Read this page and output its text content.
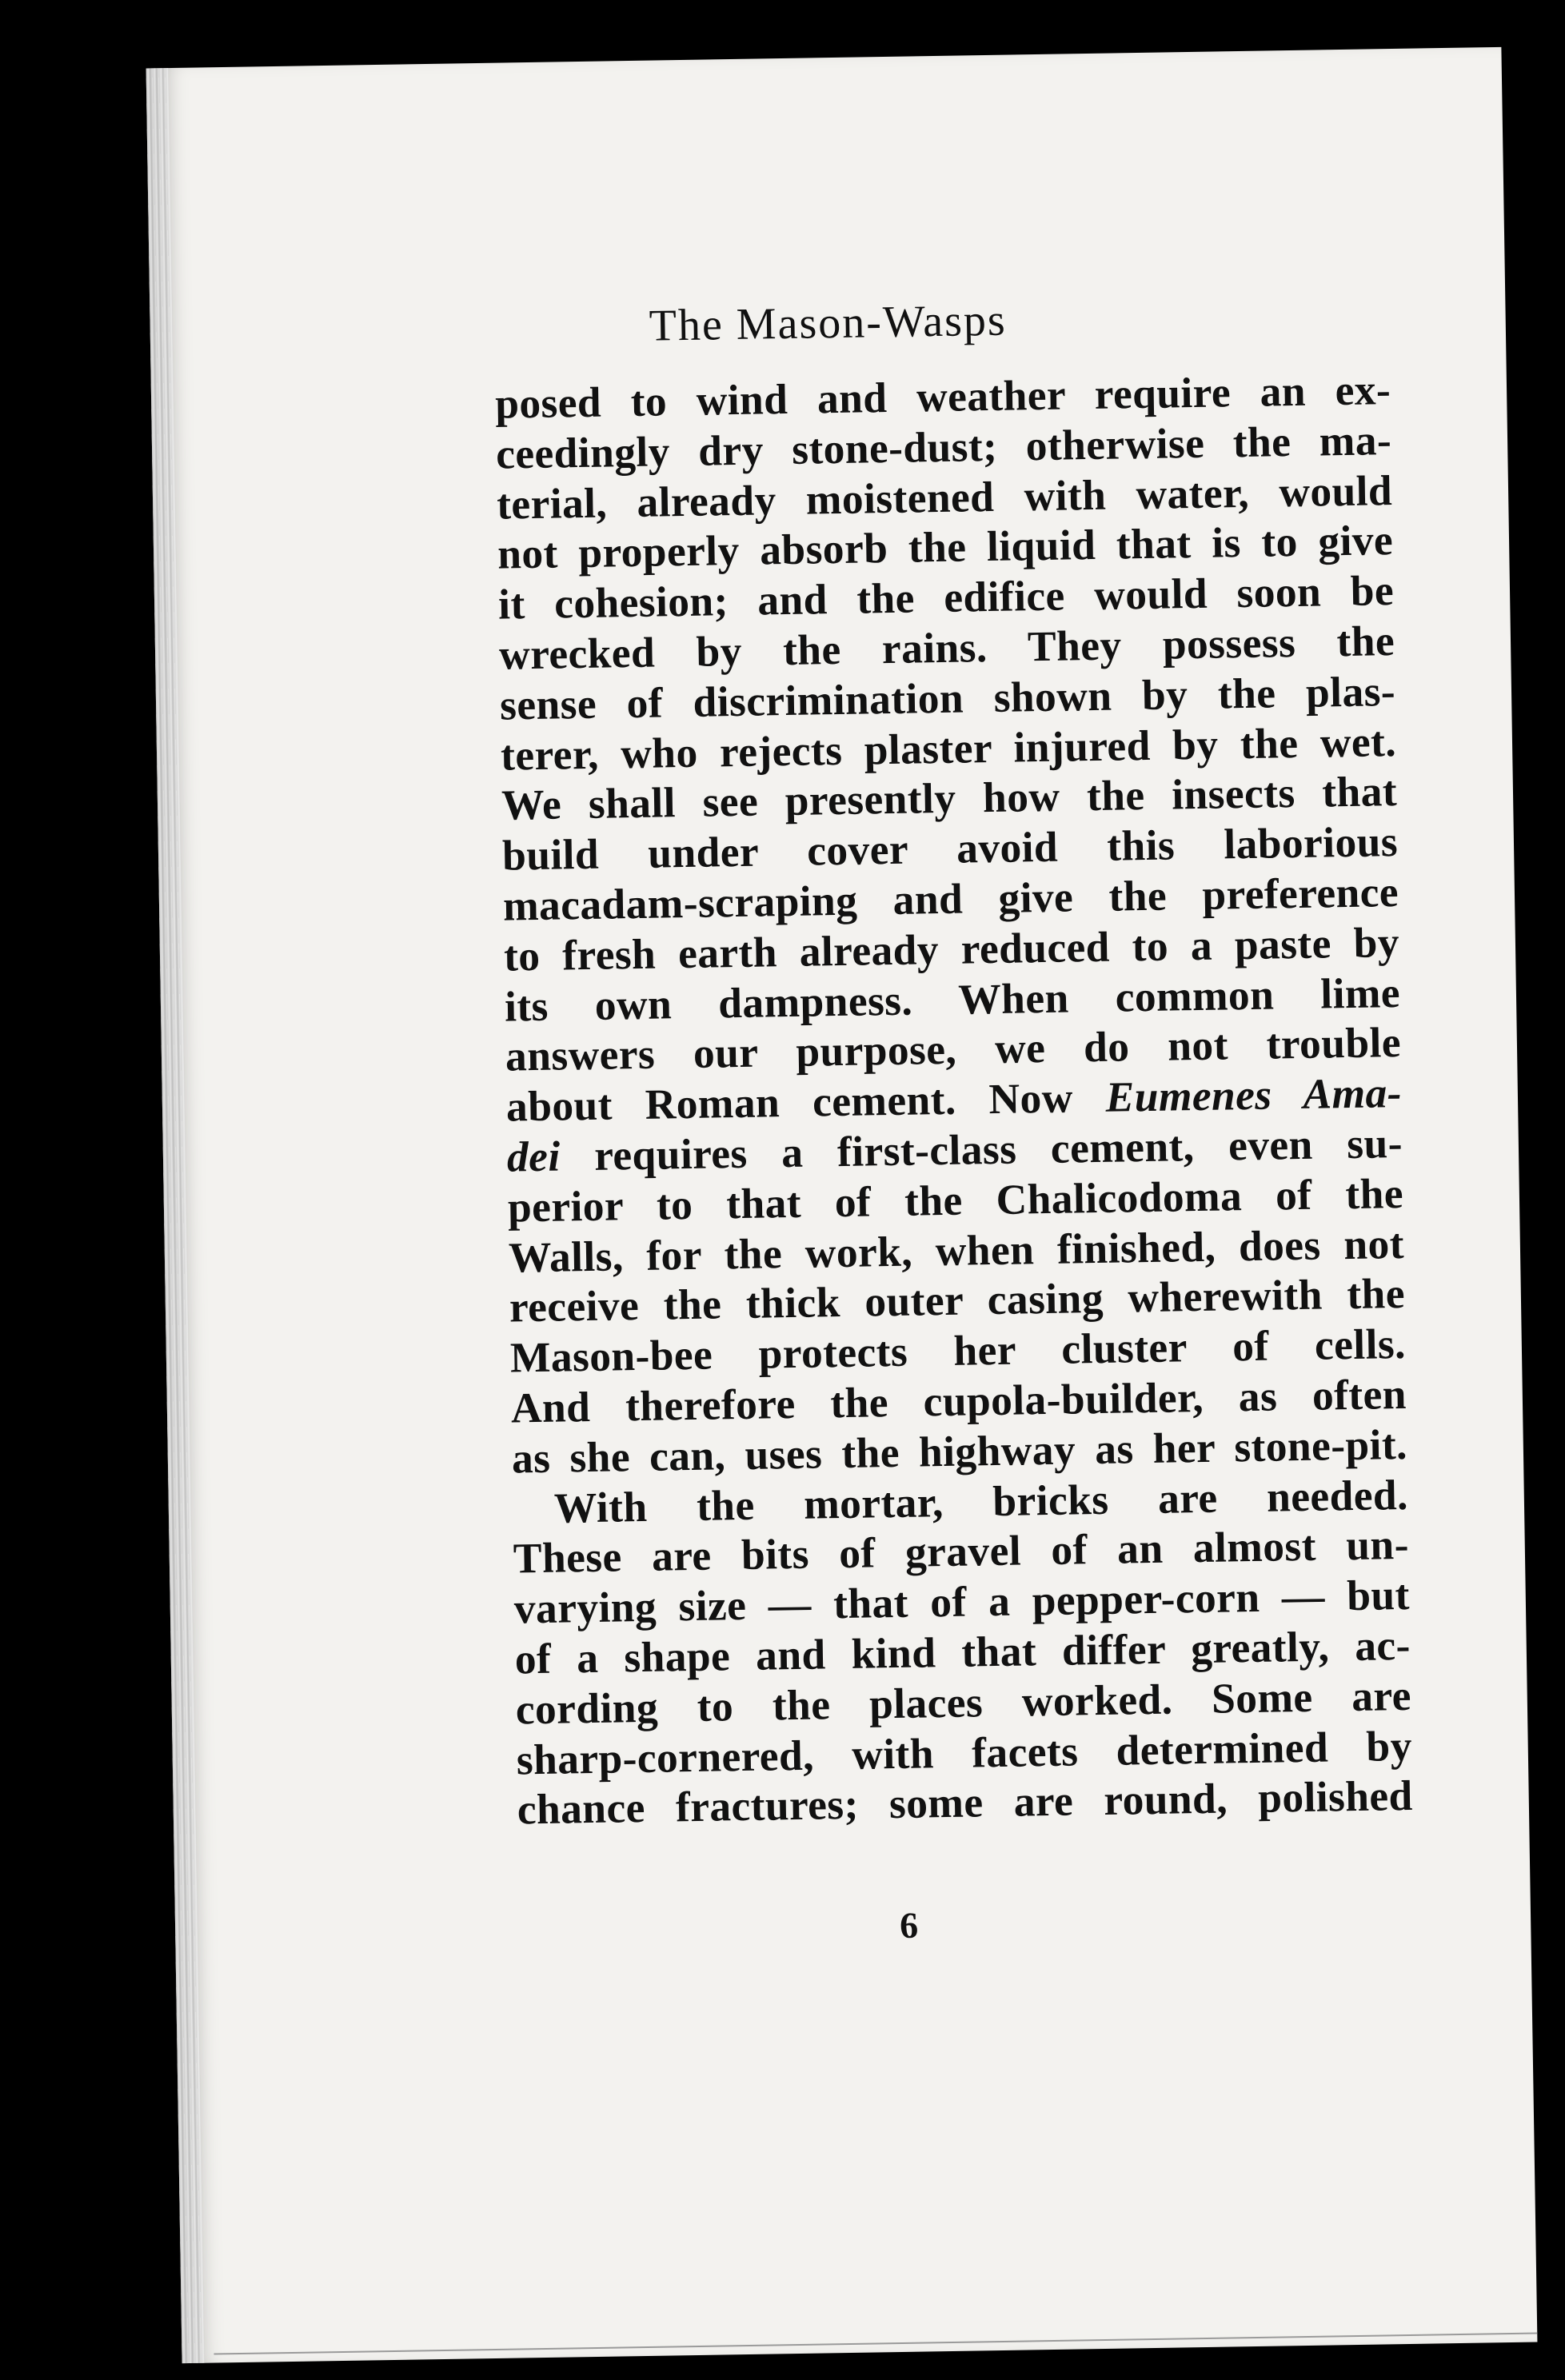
The Mason-Wasps
posed to wind and weather require an ex-
ceedingly dry stone-dust; otherwise the ma-
terial, already moistened with water, would
not properly absorb the liquid that is to give
it cohesion; and the edifice would soon be
wrecked by the rains. They possess the
sense of discrimination shown by the plas-
terer, who rejects plaster injured by the wet.
We shall see presently how the insects that
build under cover avoid this laborious
macadam-scraping and give the preference
to fresh earth already reduced to a paste by
its own dampness. When common lime
answers our purpose, we do not trouble
about Roman cement. Now Eumenes Ama-
dei requires a first-class cement, even su-
perior to that of the Chalicodoma of the
Walls, for the work, when finished, does not
receive the thick outer casing wherewith the
Mason-bee protects her cluster of cells.
And therefore the cupola-builder, as often
as she can, uses the highway as her stone-pit.
With the mortar, bricks are needed.
These are bits of gravel of an almost un-
varying size — that of a pepper-corn — but
of a shape and kind that differ greatly, ac-
cording to the places worked. Some are
sharp-cornered, with facets determined by
chance fractures; some are round, polished
6
